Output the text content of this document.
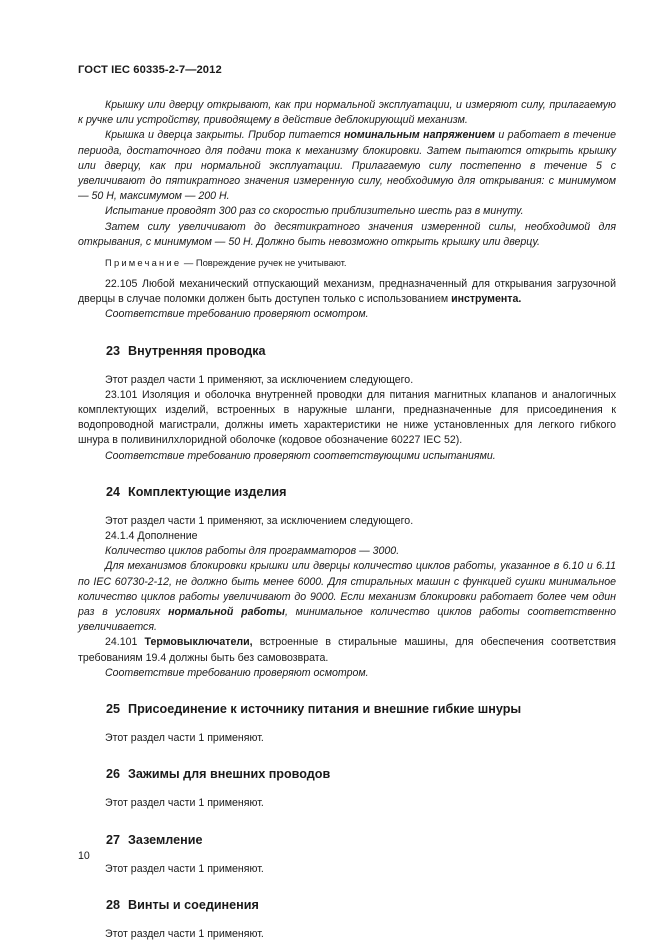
ГОСТ IEC 60335-2-7—2012

Крышку или дверцу открывают, как при нормальной эксплуатации, и измеряют силу, прилагаемую к ручке или устройству, приводящему в действие деблокирующий механизм.

Крышка и дверца закрыты. Прибор питается номинальным напряжением и работает в течение периода, достаточного для подачи тока к механизму блокировки. Затем пытаются открыть крышку или дверцу, как при нормальной эксплуатации. Прилагаемую силу постепенно в течение 5 с увеличивают до пятикратного значения измеренную силу, необходимую для открывания: с минимумом — 50 Н, максимумом — 200 Н.

Испытание проводят 300 раз со скоростью приблизительно шесть раз в минуту.

Затем силу увеличивают до десятикратного значения измеренной силы, необходимой для открывания, с минимумом — 50 Н. Должно быть невозможно открыть крышку или дверцу.

Примечание — Повреждение ручек не учитывают.

22.105 Любой механический отпускающий механизм, предназначенный для открывания загрузочной дверцы в случае поломки должен быть доступен только с использованием инструмента.

Соответствие требованию проверяют осмотром.

23 Внутренняя проводка

Этот раздел части 1 применяют, за исключением следующего.

23.101 Изоляция и оболочка внутренней проводки для питания магнитных клапанов и аналогичных комплектующих изделий, встроенных в наружные шланги, предназначенные для присоединения к водопроводной магистрали, должны иметь характеристики не ниже установленных для легкого гибкого шнура в поливинилхлоридной оболочке (кодовое обозначение 60227 IEC 52).

Соответствие требованию проверяют соответствующими испытаниями.

24 Комплектующие изделия

Этот раздел части 1 применяют, за исключением следующего.

24.1.4 Дополнение

Количество циклов работы для программаторов — 3000.

Для механизмов блокировки крышки или дверцы количество циклов работы, указанное в 6.10 и 6.11 по IEC 60730-2-12, не должно быть менее 6000. Для стиральных машин с функцией сушки минимальное количество циклов работы увеличивают до 9000. Если механизм блокировки работает более чем один раз в условиях нормальной работы, минимальное количество циклов работы соответственно увеличивается.

24.101 Термовыключатели, встроенные в стиральные машины, для обеспечения соответствия требованиям 19.4 должны быть без самовозврата.

Соответствие требованию проверяют осмотром.

25 Присоединение к источнику питания и внешние гибкие шнуры

Этот раздел части 1 применяют.

26 Зажимы для внешних проводов

Этот раздел части 1 применяют.

27 Заземление

Этот раздел части 1 применяют.

28 Винты и соединения

Этот раздел части 1 применяют.

10
